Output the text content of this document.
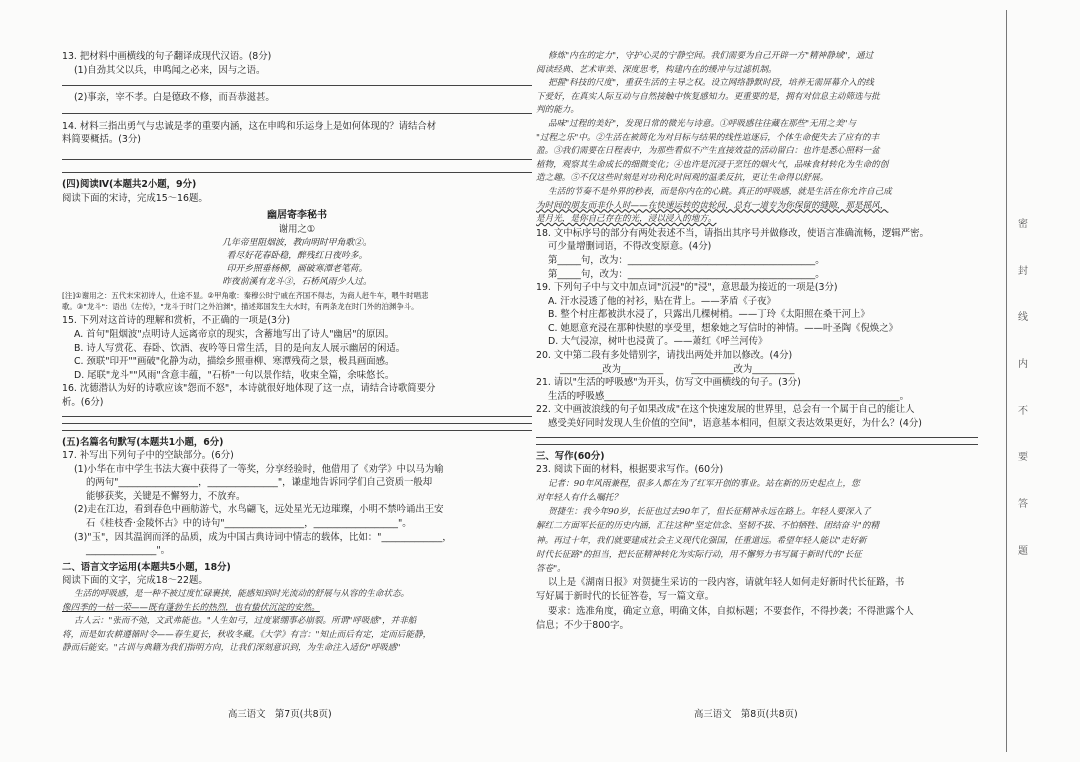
13. 把材料中画横线的句子翻译成现代汉语。(8分)

(1)自劲其父以兵，申鸣闻之必来，因与之语。

(2)事亲，宰不孝。白是德政不修，而吾恭滋甚。

14. 材料三指出勇气与忠诚是孝的重要内涵，这在申鸣和乐运身上是如何体现的？请结合材

料简要概括。(3分)

(四)阅读Ⅳ(本题共2小题，9分)

阅读下面的宋诗，完成15～16题。

幽居寄李秘书

谢用之①

几年帝里阻烟波，教向明时甲角歌②。

看尽好花春卧稳，醉残红日夜吟多。

印开乡照垂杨柳，画破寒潭老笔荷。

昨夜前溪有龙斗③，石桥风雨少人过。

[注]①谢用之：五代末宋初诗人，仕途不显。②甲角歌：秦穆公时宁戚在齐国不得志，为商人赶牛车，喂牛时唱悲
歌。③"龙斗"：语出《左传》，"龙斗于时门之外泊渊"，描述郑国发生大水时，有两条龙在时门外的泊渊争斗。

15. 下列对这首诗的理解和赏析，不正确的一项是(3分)

A. 首句"阻烟波"点明诗人远离帝京的现实，含蓄地写出了诗人"幽居"的原因。

B. 诗人写赏花、春卧、饮酒、夜吟等日常生活，目的是向友人展示幽居的闲适。

C. 颈联"印开""画破"化静为动，描绘乡照垂柳、寒潭残荷之景，极具画面感。

D. 尾联"龙斗""风雨"含意丰蕴，"石桥"一句以景作结，收束全篇，余味悠长。

16. 沈德潜认为好的诗歌应该"怨而不怒"，本诗就很好地体现了这一点，请结合诗歌简要分

析。(6分)

(五)名篇名句默写(本题共1小题，6分)

17. 补写出下列句子中的空缺部分。(6分)

(1)小华在市中学生书法大赛中获得了一等奖，分享经验时，他借用了《劝学》中以马为喻

的两句"_________________，_______________"，谦虚地告诉同学们自己资质一般却

能够获奖，关键是不懈努力，不放弃。

(2)走在江边，看到春色中画舫游弋，水鸟翩飞，远处星光无边璀璨，小明不禁吟诵出王安

石《桂枝香·金陵怀古》中的诗句"_________________，__________________"。

(3)"玉"，因其温润而泽的品质，成为中国古典诗词中情志的载体，比如："_____________，

_______________"。

二、语言文字运用(本题共5小题，18分)

阅读下面的文字，完成18～22题。

生活的呼吸感，是一种不被过度忙碌裹挟，能感知到时光流动的舒展与从容的生命状态。

像四季的一枯一荣——既有蓬勃生长的热烈，也有蛰伏沉淀的安然。

古人云："张而不弛，文武弗能也。"人生如弓，过度紧绷事必崩裂。所谓"呼吸感"，并非船

将，而是如农耕遵循时令——春生夏长，秋收冬藏。《大学》有言："知止而后有定，定而后能静，

静而后能安。"古训与典籍为我们指明方向，让我们深刻意识到，为生命注入适份"呼吸感"

修炼"内在的定力"，守护心灵的宁静空间。我们需要为自己开辟一方"精神静域"，通过

阅读经典、艺术审美、深度思考，构建内在的缓冲与过滤机制。

把握"科技的尺度"，重获生活的主导之权。设立网络静默时段，培养无需屏幕介入的线

下爱好，在真实人际互动与自然接触中恢复感知力。更重要的是，拥有对信息主动筛选与批

判的能力。

品味"过程的美好"，发现日常的微光与诗意。①呼吸感往往藏在那些"无用之美"与

"过程之乐"中。②生活在被简化为对目标与结果的线性追逐后，个体生命便失去了应有的丰

盈。③我们需要在日程表中，为那些看似不产生直接效益的活动留白：也许是悉心照料一盆

植物，观察其生命成长的细微变化；④也许是沉浸于烹饪的烟火气，品味食材转化为生命的创

造之趣。⑤不仅这些时刻是对功利化时间观的温柔反抗，更让生命得以舒展。

生活的节奏不是外界的秒表，而是你内在的心跳。真正的呼吸感，就是生活在你允许自己成

为时间的朋友而非仆人时——在快速运转的齿轮间，总有一道专为你保留的缝隙，那是摇风，

是月光，是你自己存在的光，浸以浸入的地方。

18. 文中标序号的部分有两处表述不当，请指出其序号并做修改，使语言准确流畅，逻辑严密。

可少量增删词语，不得改变原意。(4分)

第_____句，改为：________________________________________。

第_____句，改为：________________________________________。

19. 下列句子中与文中加点词"沉浸"的"浸"，意思最为接近的一项是(3分)

A. 汗水浸透了他的衬衫，贴在背上。——茅盾《子夜》

B. 整个村庄都被洪水浸了，只露出几棵树梢。——丁玲《太阳照在桑干河上》

C. 她愿意充浸在那种快慰的享受里，想象她之写信时的神情。——叶圣陶《倪焕之》

D. 大气浸凉，树叶也浸黄了。——萧红《呼兰河传》

20. 文中第二段有多处错别字，请找出两处并加以修改。(4分)

_________改为_________　　　_________改为_________

21. 请以"生活的呼吸感"为开头，仿写文中画横线的句子。(3分)

生活的呼吸感_______________________________________________________________。

22. 文中画波浪线的句子如果改成"在这个快速发展的世界里，总会有一个属于自己的能让人

感受美好同时发现人生价值的空间"，语意基本相同，但原文表达效果更好，为什么？(4分)

三、写作(60分)

23. 阅读下面的材料，根据要求写作。(60分)

记者：90年风雨兼程，很多人都在为了红军开创的事业。站在新的历史起点上，您

对年轻人有什么嘱托？

贺捷生：我今年90岁，长征也过去90年了，但长征精神永远在路上。年轻人要深入了

解红二方面军长征的历史内涵，汇往这种"坚定信念、坚韧不拔、不怕牺牲、团结奋斗"的精

神。再过十年，我们就要建成社会主义现代化强国，任重道远。希望年轻人能以"走好新

时代长征路"的担当，把长征精神转化为实际行动，用不懈努力书写属于新时代的"长征

答卷"。

以上是《湖南日报》对贺捷生采访的一段内容，请就年轻人如何走好新时代长征路，书

写好属于新时代的长征答卷，写一篇文章。

要求：选准角度，确定立意，明确文体，自拟标题；不要套作，不得抄袭；不得泄露个人

信息；不少于800字。

高三语文　第7页(共8页)	高三语文　第8页(共8页)
密
封
线
内
不
要
答
题
